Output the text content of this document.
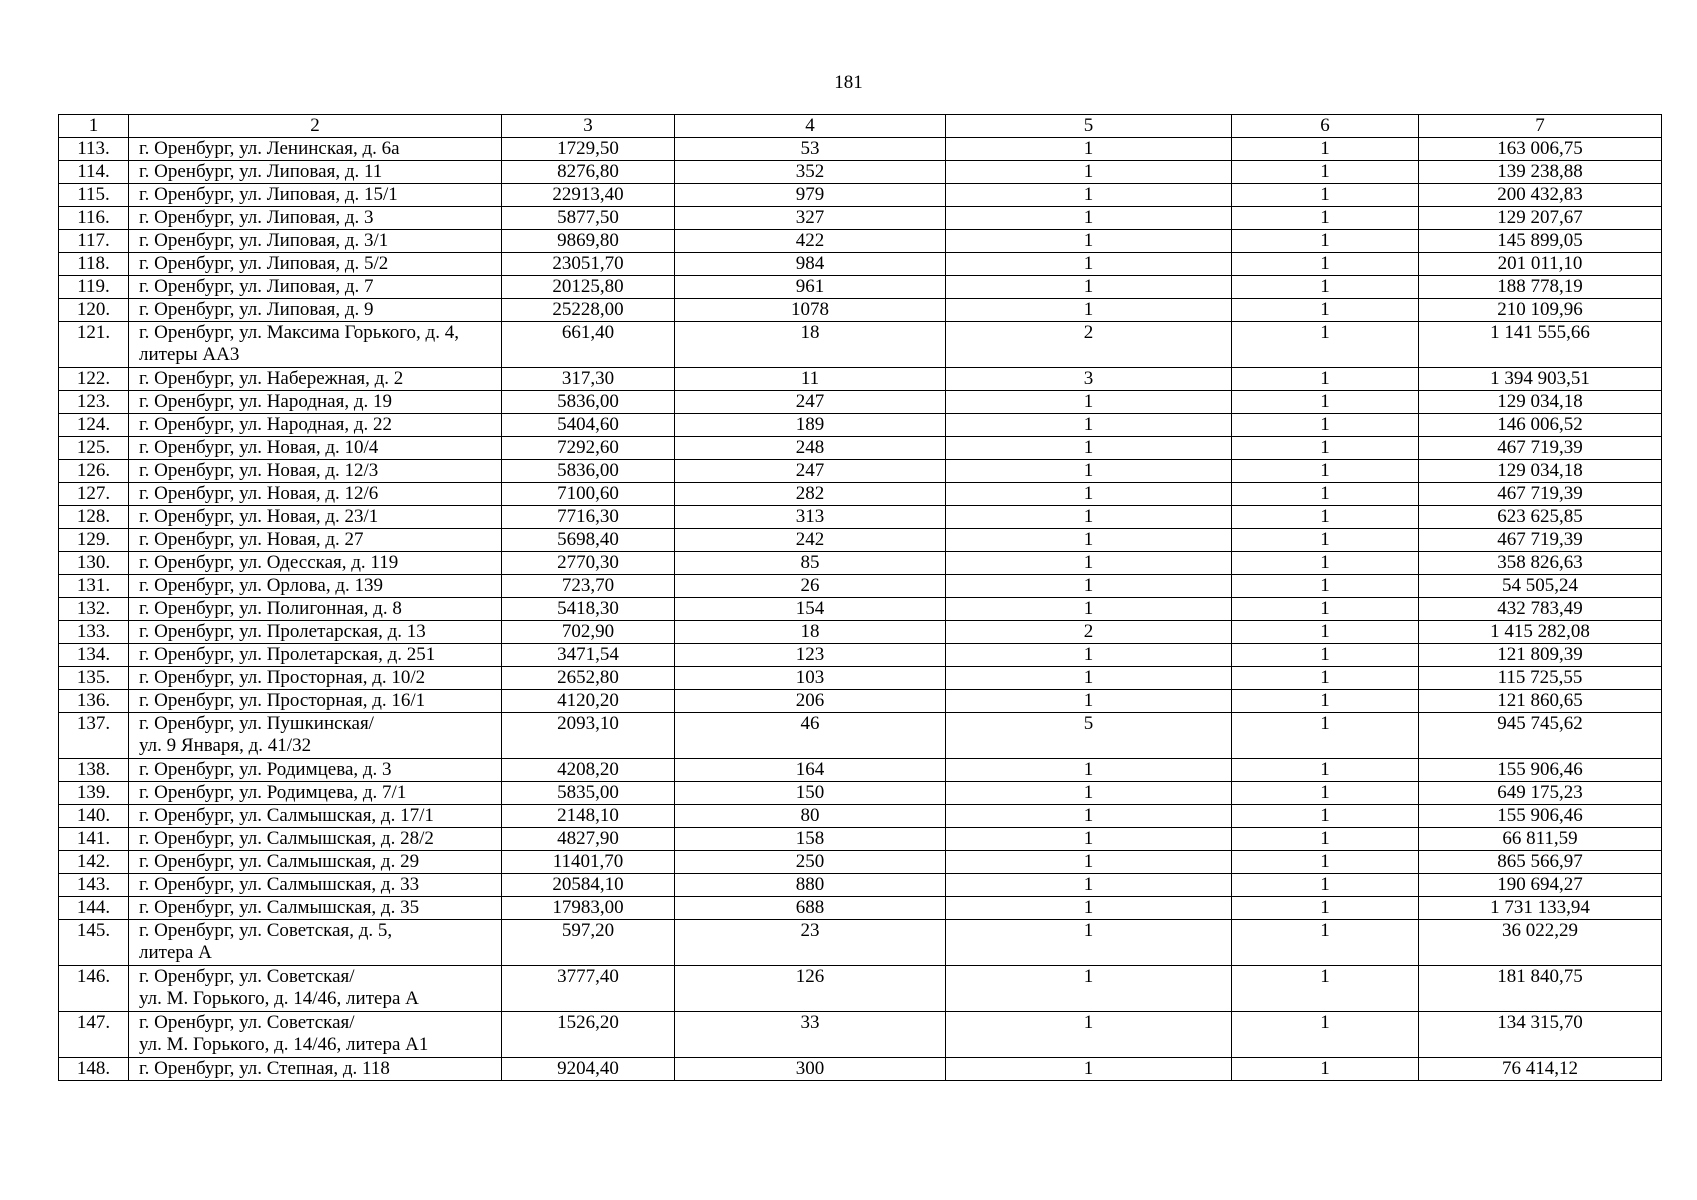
181
1	2	3	4	5	6	7
113.	г. Оренбург, ул. Ленинская, д. 6а	1729,50	53	1	1	163 006,75
114.	г. Оренбург, ул. Липовая, д. 11	8276,80	352	1	1	139 238,88
115.	г. Оренбург, ул. Липовая, д. 15/1	22913,40	979	1	1	200 432,83
116.	г. Оренбург, ул. Липовая, д. 3	5877,50	327	1	1	129 207,67
117.	г. Оренбург, ул. Липовая, д. 3/1	9869,80	422	1	1	145 899,05
118.	г. Оренбург, ул. Липовая, д. 5/2	23051,70	984	1	1	201 011,10
119.	г. Оренбург, ул. Липовая, д. 7	20125,80	961	1	1	188 778,19
120.	г. Оренбург, ул. Липовая, д. 9	25228,00	1078	1	1	210 109,96
121.	г. Оренбург, ул. Максима Горького, д. 4,
литеры АА3	661,40	18	2	1	1 141 555,66
122.	г. Оренбург, ул. Набережная, д. 2	317,30	11	3	1	1 394 903,51
123.	г. Оренбург, ул. Народная, д. 19	5836,00	247	1	1	129 034,18
124.	г. Оренбург, ул. Народная, д. 22	5404,60	189	1	1	146 006,52
125.	г. Оренбург, ул. Новая, д. 10/4	7292,60	248	1	1	467 719,39
126.	г. Оренбург, ул. Новая, д. 12/3	5836,00	247	1	1	129 034,18
127.	г. Оренбург, ул. Новая, д. 12/6	7100,60	282	1	1	467 719,39
128.	г. Оренбург, ул. Новая, д. 23/1	7716,30	313	1	1	623 625,85
129.	г. Оренбург, ул. Новая, д. 27	5698,40	242	1	1	467 719,39
130.	г. Оренбург, ул. Одесская, д. 119	2770,30	85	1	1	358 826,63
131.	г. Оренбург, ул. Орлова, д. 139	723,70	26	1	1	54 505,24
132.	г. Оренбург, ул. Полигонная, д. 8	5418,30	154	1	1	432 783,49
133.	г. Оренбург, ул. Пролетарская, д. 13	702,90	18	2	1	1 415 282,08
134.	г. Оренбург, ул. Пролетарская, д. 251	3471,54	123	1	1	121 809,39
135.	г. Оренбург, ул. Просторная, д. 10/2	2652,80	103	1	1	115 725,55
136.	г. Оренбург, ул. Просторная, д. 16/1	4120,20	206	1	1	121 860,65
137.	г. Оренбург, ул. Пушкинская/
ул. 9 Января, д. 41/32	2093,10	46	5	1	945 745,62
138.	г. Оренбург, ул. Родимцева, д. 3	4208,20	164	1	1	155 906,46
139.	г. Оренбург, ул. Родимцева, д. 7/1	5835,00	150	1	1	649 175,23
140.	г. Оренбург, ул. Салмышская, д. 17/1	2148,10	80	1	1	155 906,46
141.	г. Оренбург, ул. Салмышская, д. 28/2	4827,90	158	1	1	66 811,59
142.	г. Оренбург, ул. Салмышская, д. 29	11401,70	250	1	1	865 566,97
143.	г. Оренбург, ул. Салмышская, д. 33	20584,10	880	1	1	190 694,27
144.	г. Оренбург, ул. Салмышская, д. 35	17983,00	688	1	1	1 731 133,94
145.	г. Оренбург, ул. Советская, д. 5,
литера А	597,20	23	1	1	36 022,29
146.	г. Оренбург, ул. Советская/
ул. М. Горького, д. 14/46, литера А	3777,40	126	1	1	181 840,75
147.	г. Оренбург, ул. Советская/
ул. М. Горького, д. 14/46, литера А1	1526,20	33	1	1	134 315,70
148.	г. Оренбург, ул. Степная, д. 118	9204,40	300	1	1	76 414,12
